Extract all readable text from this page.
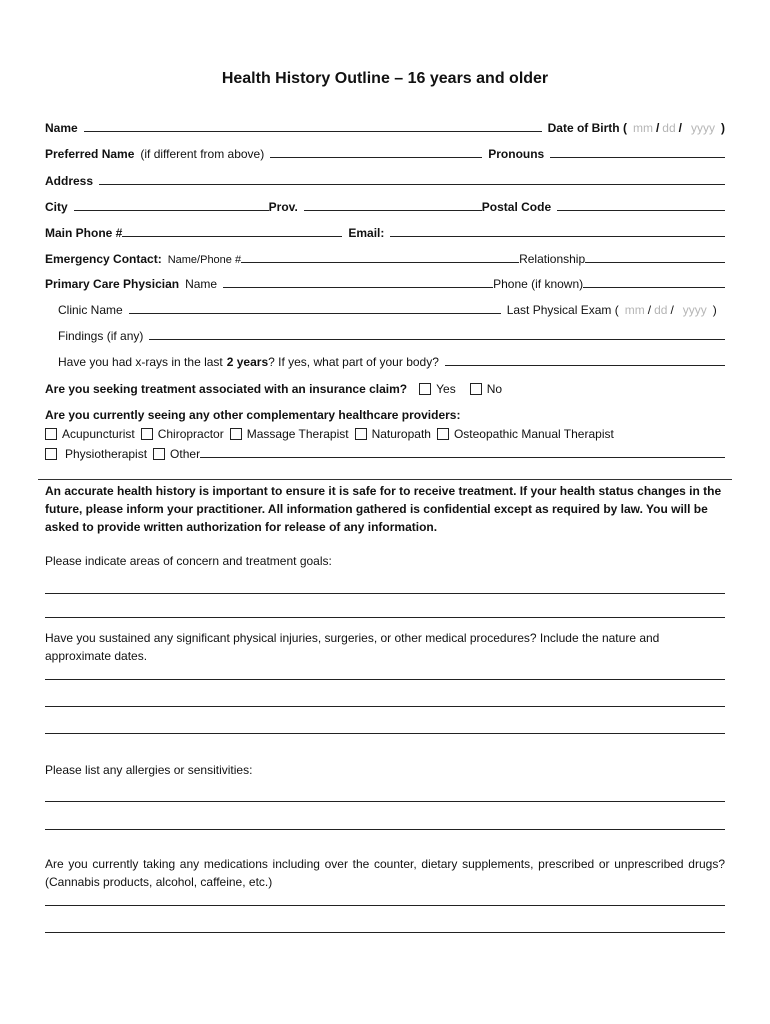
Health History Outline – 16 years and older
Name	Date of Birth ( mm / dd / yyyy )
Preferred Name (if different from above)	Pronouns
Address
City	Prov.	Postal Code
Main Phone #	Email:
Emergency Contact: Name/Phone #	Relationship
Primary Care Physician Name	Phone (if known)
Clinic Name	Last Physical Exam ( mm / dd / yyyy )
Findings (if any)
Have you had x-rays in the last 2 years ? If yes, what part of your body?
Are you seeking treatment associated with an insurance claim? Yes	No
Are you currently seeing any other complementary healthcare providers:
Acupuncturist Chiropractor Massage Therapist Naturopath Osteopathic Manual Therapist
Physiotherapist Other
An accurate health history is important to ensure it is safe for to receive treatment. If your health status changes in the future, please inform your practitioner. All information gathered is confidential except as required by law. You will be asked to provide written authorization for release of any information.
Please indicate areas of concern and treatment goals:
Have you sustained any significant physical injuries, surgeries, or other medical procedures? Include the nature and approximate dates.
Please list any allergies or sensitivities:
Are you currently taking any medications including over the counter, dietary supplements, prescribed or unprescribed drugs? (Cannabis products, alcohol, caffeine, etc.)
